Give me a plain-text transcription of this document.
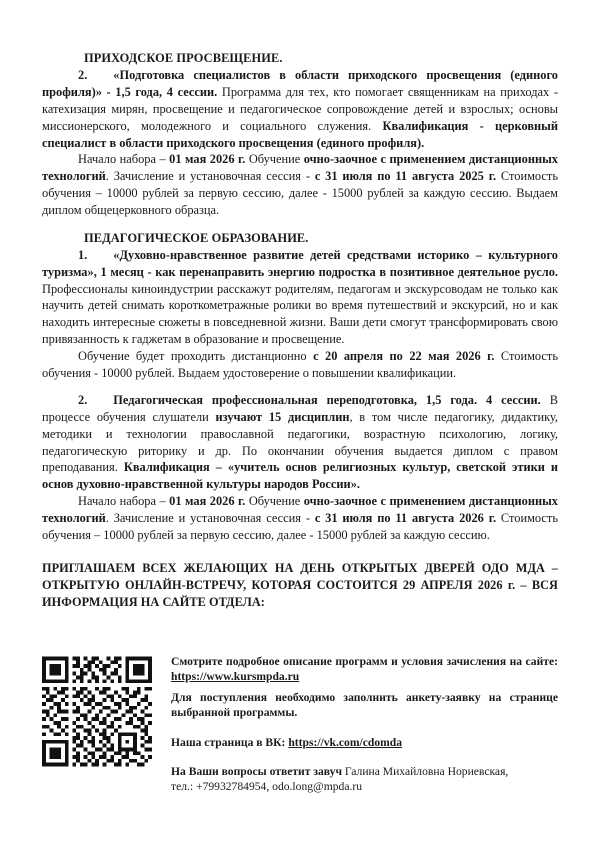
ПРИХОДСКОЕ ПРОСВЕЩЕНИЕ.

2. «Подготовка специалистов в области приходского просвещения (единого профиля)» - 1,5 года, 4 сессии. Программа для тех, кто помогает священникам на приходах - катехизация мирян, просвещение и педагогическое сопровождение детей и взрослых; основы миссионерского, молодежного и социального служения. Квалификация - церковный специалист в области приходского просвещения (единого профиля).

Начало набора – 01 мая 2026 г. Обучение очно-заочное с применением дистанционных технологий. Зачисление и установочная сессия - с 31 июля по 11 августа 2025 г. Стоимость обучения – 10000 рублей за первую сессию, далее - 15000 рублей за каждую сессию. Выдаем диплом общецерковного образца.

ПЕДАГОГИЧЕСКОЕ ОБРАЗОВАНИЕ.

1. «Духовно-нравственное развитие детей средствами историко – культурного туризма», 1 месяц - как перенаправить энергию подростка в позитивное деятельное русло. Профессионалы киноиндустрии расскажут родителям, педагогам и экскурсоводам не только как научить детей снимать короткометражные ролики во время путешествий и экскурсий, но и как находить интересные сюжеты в повседневной жизни. Ваши дети смогут трансформировать свою привязанность к гаджетам в образование и просвещение.

Обучение будет проходить дистанционно с 20 апреля по 22 мая 2026 г. Стоимость обучения - 10000 рублей. Выдаем удостоверение о повышении квалификации.

2. Педагогическая профессиональная переподготовка, 1,5 года. 4 сессии. В процессе обучения слушатели изучают 15 дисциплин, в том числе педагогику, дидактику, методики и технологии православной педагогики, возрастную психологию, логику, педагогическую риторику и др. По окончании обучения выдается диплом с правом преподавания. Квалификация – «учитель основ религиозных культур, светской этики и основ духовно-нравственной культуры народов России».

Начало набора – 01 мая 2026 г. Обучение очно-заочное с применением дистанционных технологий. Зачисление и установочная сессия - с 31 июля по 11 августа 2026 г. Стоимость обучения – 10000 рублей за первую сессию, далее - 15000 рублей за каждую сессию.

ПРИГЛАШАЕМ ВСЕХ ЖЕЛАЮЩИХ НА ДЕНЬ ОТКРЫТЫХ ДВЕРЕЙ ОДО МДА – ОТКРЫТУЮ ОНЛАЙН-ВСТРЕЧУ, КОТОРАЯ СОСТОИТСЯ 29 АПРЕЛЯ 2026 г. – ВСЯ ИНФОРМАЦИЯ НА САЙТЕ ОТДЕЛА:

Смотрите подробное описание программ и условия зачисления на сайте: https://www.kursmpda.ru

Для поступления необходимо заполнить анкету-заявку на странице выбранной программы.

Наша страница в ВК: https://vk.com/cdomda

На Ваши вопросы ответит завуч Галина Михайловна Нориевская,

тел.: +79932784954, odo.long@mpda.ru
